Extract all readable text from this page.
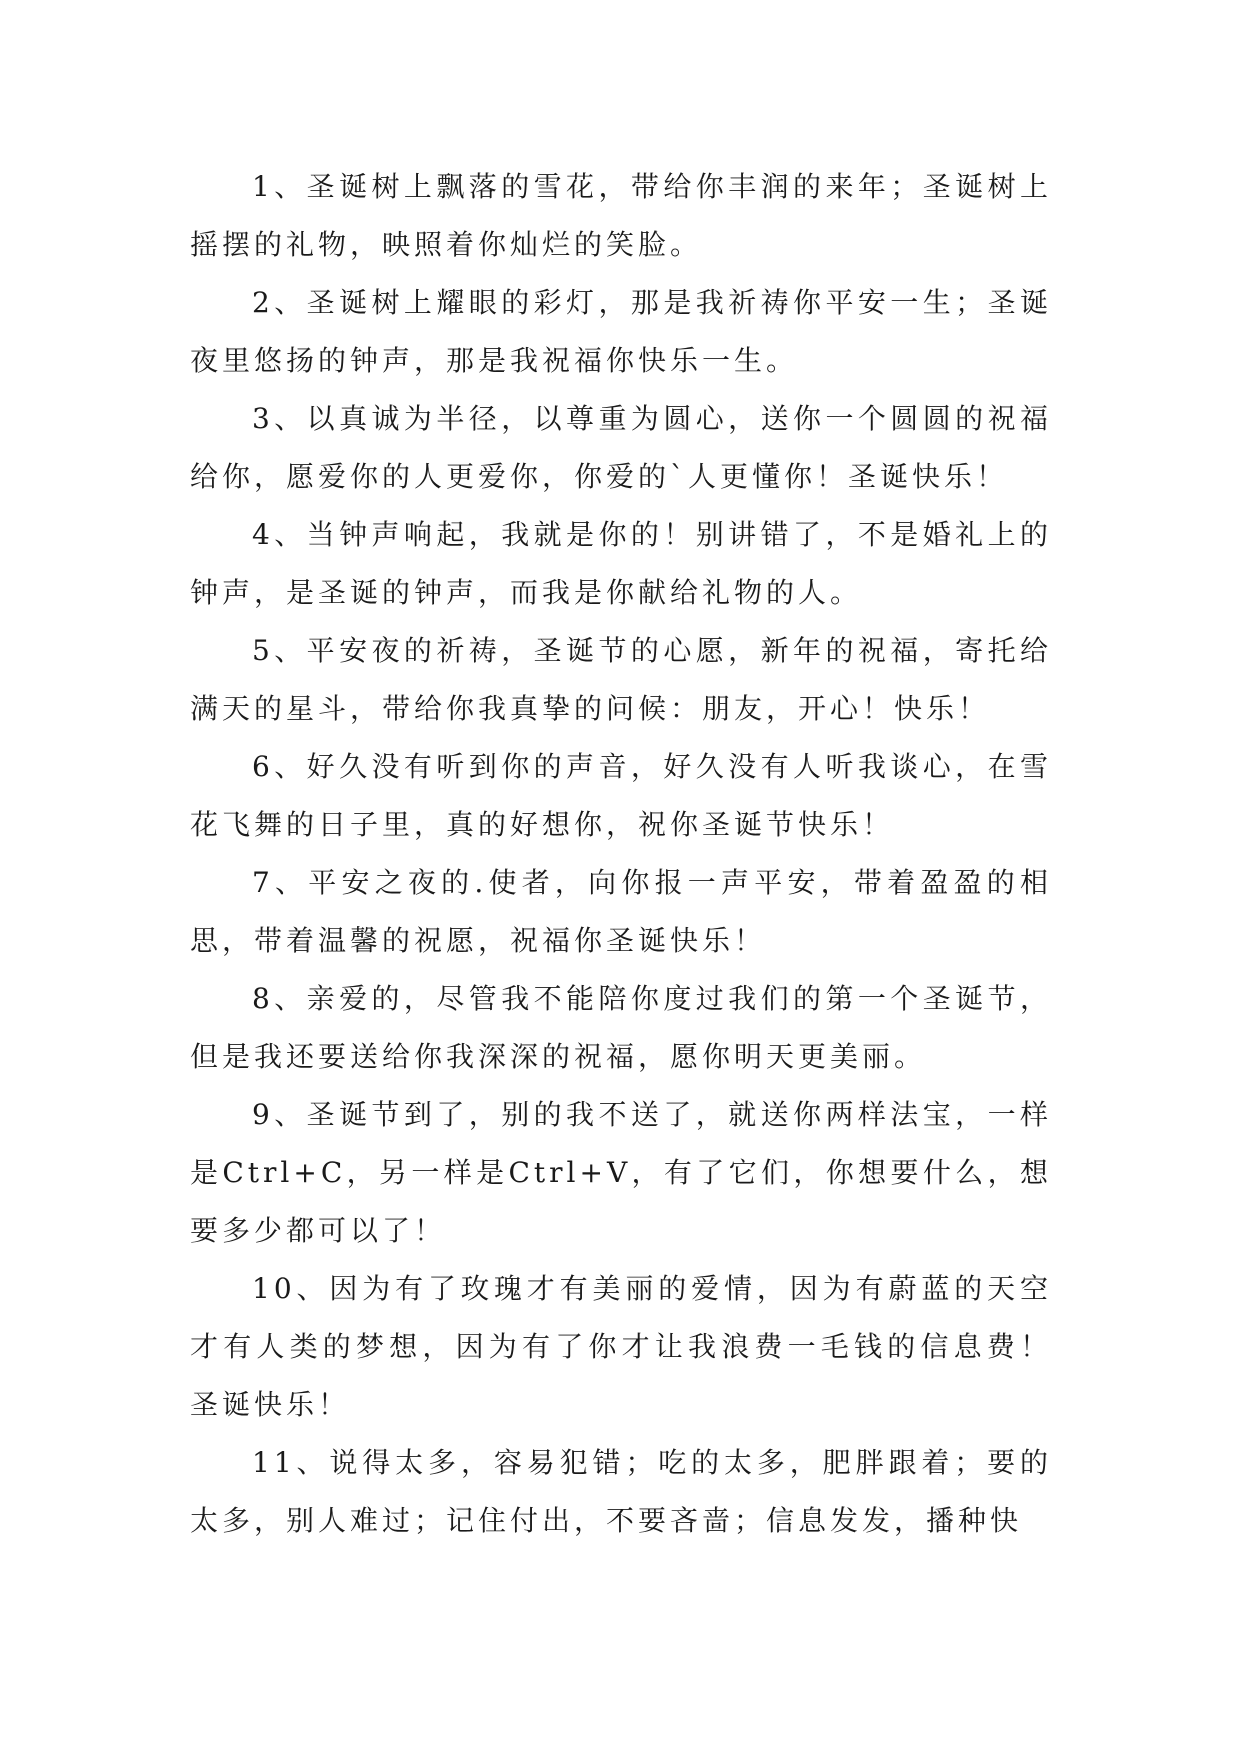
1、圣诞树上飘落的雪花，带给你丰润的来年；圣诞树上摇摆的礼物，映照着你灿烂的笑脸。

2、圣诞树上耀眼的彩灯，那是我祈祷你平安一生；圣诞夜里悠扬的钟声，那是我祝福你快乐一生。

3、以真诚为半径，以尊重为圆心，送你一个圆圆的祝福给你，愿爱你的人更爱你，你爱的`人更懂你！圣诞快乐！

4、当钟声响起，我就是你的！别讲错了，不是婚礼上的钟声，是圣诞的钟声，而我是你献给礼物的人。

5、平安夜的祈祷，圣诞节的心愿，新年的祝福，寄托给满天的星斗，带给你我真挚的问候：朋友，开心！快乐！

6、好久没有听到你的声音，好久没有人听我谈心，在雪花飞舞的日子里，真的好想你，祝你圣诞节快乐！

7、平安之夜的.使者，向你报一声平安，带着盈盈的相思，带着温馨的祝愿，祝福你圣诞快乐！

8、亲爱的，尽管我不能陪你度过我们的第一个圣诞节，但是我还要送给你我深深的祝福，愿你明天更美丽。

9、圣诞节到了，别的我不送了，就送你两样法宝，一样是Ctrl+C，另一样是Ctrl+V，有了它们，你想要什么，想要多少都可以了！

10、因为有了玫瑰才有美丽的爱情，因为有蔚蓝的天空才有人类的梦想，因为有了你才让我浪费一毛钱的信息费！圣诞快乐！

11、说得太多，容易犯错；吃的太多，肥胖跟着；要的太多，别人难过；记住付出，不要吝啬；信息发发，播种快
